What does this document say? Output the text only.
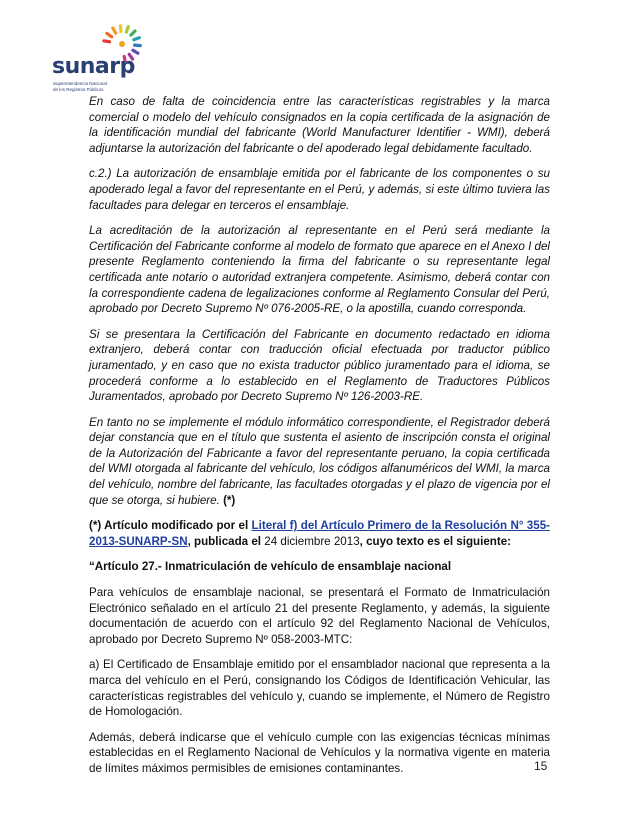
sunarp
Superintendencia Nacional
de los Registros Públicos

En caso de falta de coincidencia entre las características registrables y la marca comercial o modelo del vehículo consignados en la copia certificada de la asignación de la identificación mundial del fabricante (World Manufacturer Identifier - WMI), deberá adjuntarse la autorización del fabricante o del apoderado legal debidamente facultado.

c.2.) La autorización de ensamblaje emitida por el fabricante de los componentes o su apoderado legal a favor del representante en el Perú, y además, si este último tuviera las facultades para delegar en terceros el ensamblaje.

La acreditación de la autorización al representante en el Perú será mediante la Certificación del Fabricante conforme al modelo de formato que aparece en el Anexo I del presente Reglamento conteniendo la firma del fabricante o su representante legal certificada ante notario o autoridad extranjera competente. Asimismo, deberá contar con la correspondiente cadena de legalizaciones conforme al Reglamento Consular del Perú, aprobado por Decreto Supremo Nº 076-2005-RE, o la apostilla, cuando corresponda.

Si se presentara la Certificación del Fabricante en documento redactado en idioma extranjero, deberá contar con traducción oficial efectuada por traductor público juramentado, y en caso que no exista traductor público juramentado para el idioma, se procederá conforme a lo establecido en el Reglamento de Traductores Públicos Juramentados, aprobado por Decreto Supremo Nº 126-2003-RE.

En tanto no se implemente el módulo informático correspondiente, el Registrador deberá dejar constancia que en el título que sustenta el asiento de inscripción consta el original de la Autorización del Fabricante a favor del representante peruano, la copia certificada del WMI otorgada al fabricante del vehículo, los códigos alfanuméricos del WMI, la marca del vehículo, nombre del fabricante, las facultades otorgadas y el plazo de vigencia por el que se otorga, si hubiere. (*)

(*) Artículo modificado por el Literal f) del Artículo Primero de la Resolución N° 355-2013-SUNARP-SN, publicada el 24 diciembre 2013, cuyo texto es el siguiente:

“Artículo 27.- Inmatriculación de vehículo de ensamblaje nacional

Para vehículos de ensamblaje nacional, se presentará el Formato de Inmatriculación Electrónico señalado en el artículo 21 del presente Reglamento, y además, la siguiente documentación de acuerdo con el artículo 92 del Reglamento Nacional de Vehículos, aprobado por Decreto Supremo Nº 058-2003-MTC:

a) El Certificado de Ensamblaje emitido por el ensamblador nacional que representa a la marca del vehículo en el Perú, consignando los Códigos de Identificación Vehicular, las características registrables del vehículo y, cuando se implemente, el Número de Registro de Homologación.

Además, deberá indicarse que el vehículo cumple con las exigencias técnicas mínimas establecidas en el Reglamento Nacional de Vehículos y la normativa vigente en materia de límites máximos permisibles de emisiones contaminantes.	15
